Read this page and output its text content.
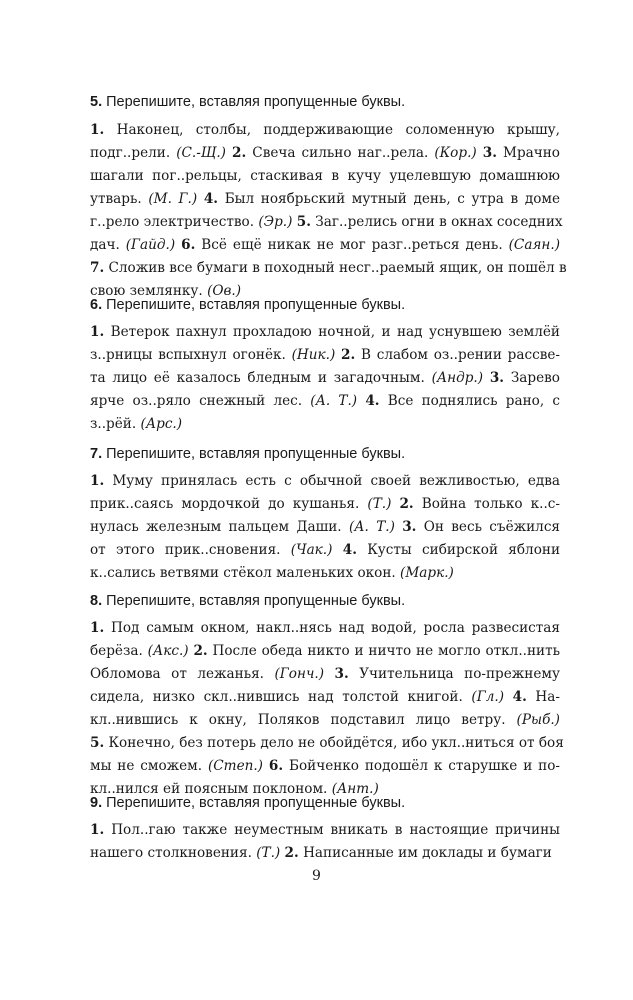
5. Перепишите, вставляя пропущенные буквы.
1. Наконец, столбы, поддерживающие соломенную крышу,
подг..рели. (С.-Щ.) 2. Свеча сильно наг..рела. (Кор.) 3. Мрачно
шагали пог..рельцы, стаскивая в кучу уцелевшую домашнюю
утварь. (М. Г.) 4. Был ноябрьский мутный день, с утра в доме
г..рело электричество. (Эр.) 5. Заг..релись огни в окнах соседних
дач. (Гайд.) 6. Всё ещё никак не мог разг..реться день. (Саян.)
7. Сложив все бумаги в походный несг..раемый ящик, он пошёл в
свою землянку. (Ов.)
6. Перепишите, вставляя пропущенные буквы.
1. Ветерок пахнул прохладою ночной, и над уснувшею землёй
з..рницы вспыхнул огонёк. (Ник.) 2. В слабом оз..рении рассве-
та лицо её казалось бледным и загадочным. (Андр.) 3. Зарево
ярче оз..ряло снежный лес. (А. Т.) 4. Все поднялись рано, с
з..рёй. (Арс.)
7. Перепишите, вставляя пропущенные буквы.
1. Муму принялась есть с обычной своей вежливостью, едва
прик..саясь мордочкой до кушанья. (Т.) 2. Война только к..с-
нулась железным пальцем Даши. (А. Т.) 3. Он весь съёжился
от этого прик..сновения. (Чак.) 4. Кусты сибирской яблони
к..сались ветвями стёкол маленьких окон. (Марк.)
8. Перепишите, вставляя пропущенные буквы.
1. Под самым окном, накл..нясь над водой, росла развесистая
берёза. (Акс.) 2. После обеда никто и ничто не могло откл..нить
Обломова от лежанья. (Гонч.) 3. Учительница по-прежнему
сидела, низко скл..нившись над толстой книгой. (Гл.) 4. На-
кл..нившись к окну, Поляков подставил лицо ветру. (Рыб.)
5. Конечно, без потерь дело не обойдётся, ибо укл..ниться от боя
мы не сможем. (Степ.) 6. Бойченко подошёл к старушке и по-
кл..нился ей поясным поклоном. (Ант.)
9. Перепишите, вставляя пропущенные буквы.
1. Пол..гаю также неуместным вникать в настоящие причины
нашего столкновения. (Т.) 2. Написанные им доклады и бумаги
9
